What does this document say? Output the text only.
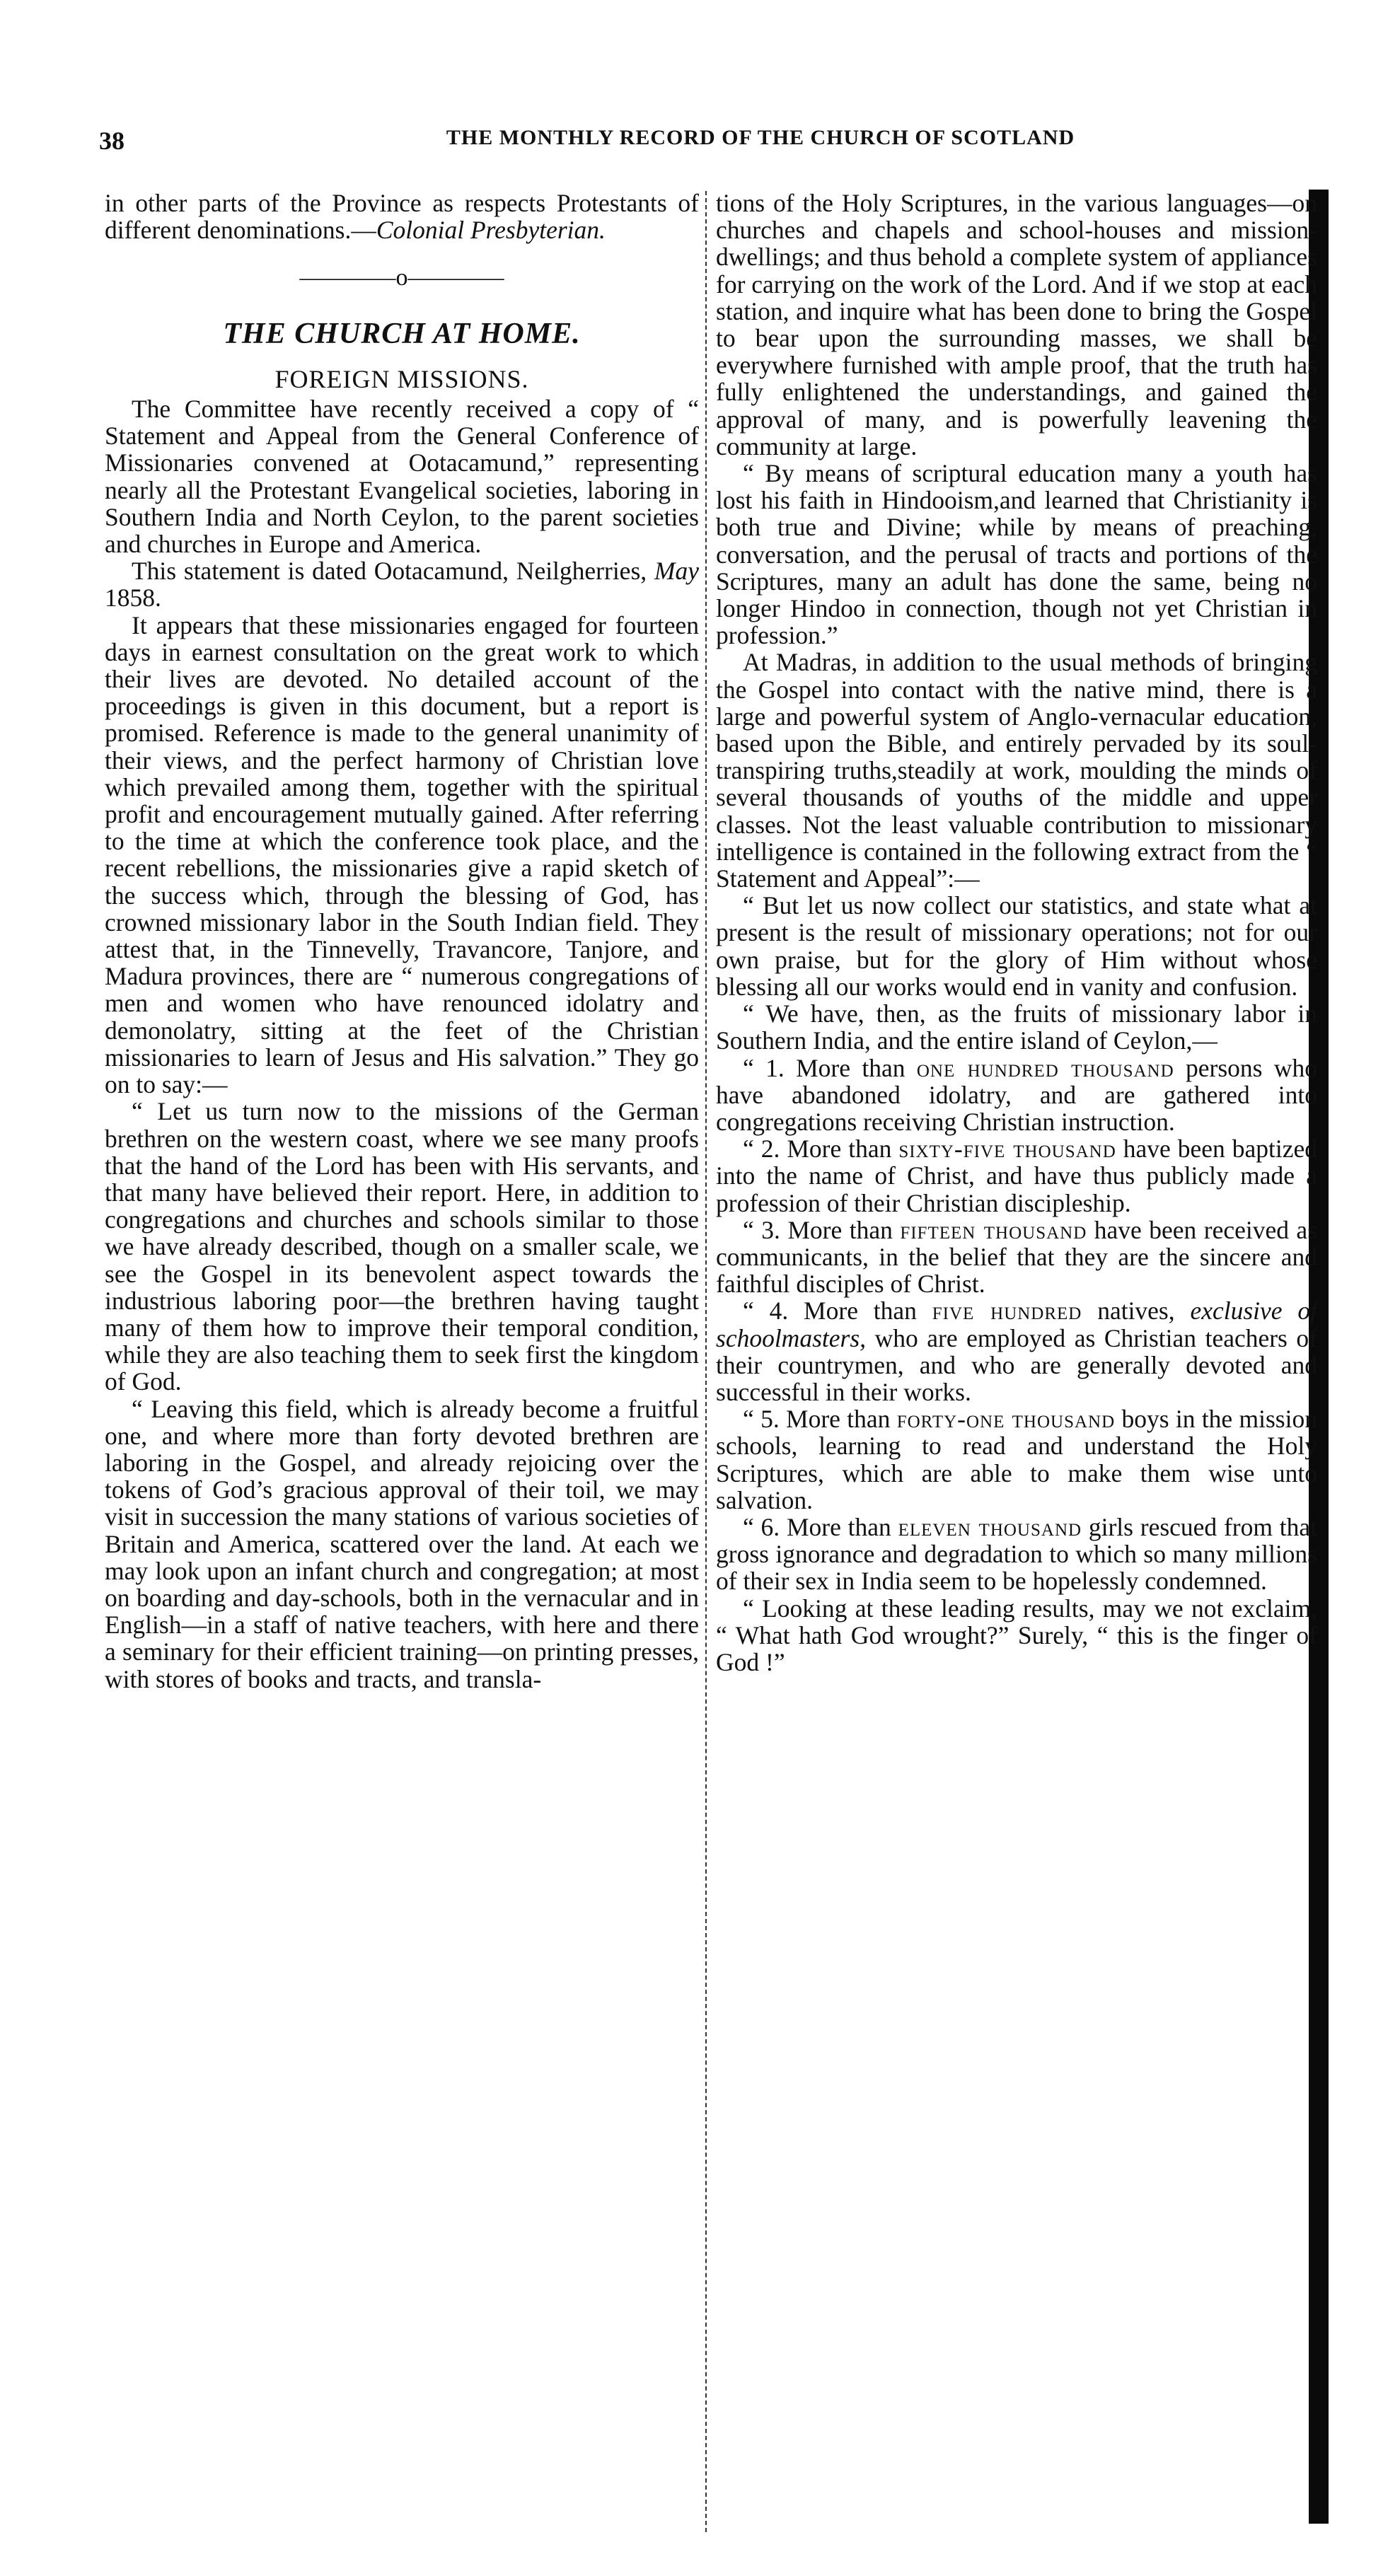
38	THE MONTHLY RECORD OF THE CHURCH OF SCOTLAND

in other parts of the Province as respects Protestants of different denominations.—Colonial Presbyterian.

————o————
THE CHURCH AT HOME.
FOREIGN MISSIONS.

The Committee have recently received a copy of “ Statement and Appeal from the General Conference of Missionaries convened at Ootacamund,” representing nearly all the Protestant Evangelical societies, laboring in Southern India and North Ceylon, to the parent societies and churches in Europe and America.

This statement is dated Ootacamund, Neilgherries, May 1858.

It appears that these missionaries engaged for fourteen days in earnest consultation on the great work to which their lives are devoted. No detailed account of the proceedings is given in this document, but a report is promised. Reference is made to the general unanimity of their views, and the perfect harmony of Christian love which prevailed among them, together with the spiritual profit and encouragement mutually gained. After referring to the time at which the conference took place, and the recent rebellions, the missionaries give a rapid sketch of the success which, through the blessing of God, has crowned missionary labor in the South Indian field. They attest that, in the Tinnevelly, Travancore, Tanjore, and Madura provinces, there are “ numerous congregations of men and women who have renounced idolatry and demonolatry, sitting at the feet of the Christian missionaries to learn of Jesus and His salvation.” They go on to say:—

“ Let us turn now to the missions of the German brethren on the western coast, where we see many proofs that the hand of the Lord has been with His servants, and that many have believed their report. Here, in addition to congregations and churches and schools similar to those we have already described, though on a smaller scale, we see the Gospel in its benevolent aspect towards the industrious laboring poor—the brethren having taught many of them how to improve their temporal condition, while they are also teaching them to seek first the kingdom of God.

“ Leaving this field, which is already become a fruitful one, and where more than forty devoted brethren are laboring in the Gospel, and already rejoicing over the tokens of God’s gracious approval of their toil, we may visit in succession the many stations of various societies of Britain and America, scattered over the land. At each we may look upon an infant church and congregation; at most on boarding and day-schools, both in the vernacular and in English—in a staff of native teachers, with here and there a seminary for their efficient training—on printing presses, with stores of books and tracts, and transla-

tions of the Holy Scriptures, in the various languages—on churches and chapels and school-houses and mission-dwellings; and thus behold a complete system of appliances for carrying on the work of the Lord. And if we stop at each station, and inquire what has been done to bring the Gospel to bear upon the surrounding masses, we shall be everywhere furnished with ample proof, that the truth has fully enlightened the understandings, and gained the approval of many, and is powerfully leavening the community at large.

“ By means of scriptural education many a youth has lost his faith in Hindooism,and learned that Christianity is both true and Divine; while by means of preaching, conversation, and the perusal of tracts and portions of the Scriptures, many an adult has done the same, being no longer Hindoo in connection, though not yet Christian in profession.”

At Madras, in addition to the usual methods of bringing the Gospel into contact with the native mind, there is a large and powerful system of Anglo-vernacular education, based upon the Bible, and entirely pervaded by its soul-transpiring truths,steadily at work, moulding the minds of several thousands of youths of the middle and upper classes. Not the least valuable contribution to missionary intelligence is contained in the following extract from the “ Statement and Appeal”:—

“ But let us now collect our statistics, and state what at present is the result of missionary operations; not for our own praise, but for the glory of Him without whose blessing all our works would end in vanity and confusion.

“ We have, then, as the fruits of missionary labor in Southern India, and the entire island of Ceylon,—

“ 1. More than one hundred thousand persons who have abandoned idolatry, and are gathered into congregations receiving Christian instruction.

“ 2. More than sixty-five thousand have been baptized into the name of Christ, and have thus publicly made a profession of their Christian discipleship.

“ 3. More than fifteen thousand have been received as communicants, in the belief that they are the sincere and faithful disciples of Christ.

“ 4. More than five hundred natives, exclusive of schoolmasters, who are employed as Christian teachers of their countrymen, and who are generally devoted and successful in their works.

“ 5. More than forty-one thousand boys in the mission schools, learning to read and understand the Holy Scriptures, which are able to make them wise unto salvation.

“ 6. More than eleven thousand girls rescued from that gross ignorance and degradation to which so many millions of their sex in India seem to be hopelessly condemned.

“ Looking at these leading results, may we not exclaim, “ What hath God wrought?” Surely, “ this is the finger of God !”
